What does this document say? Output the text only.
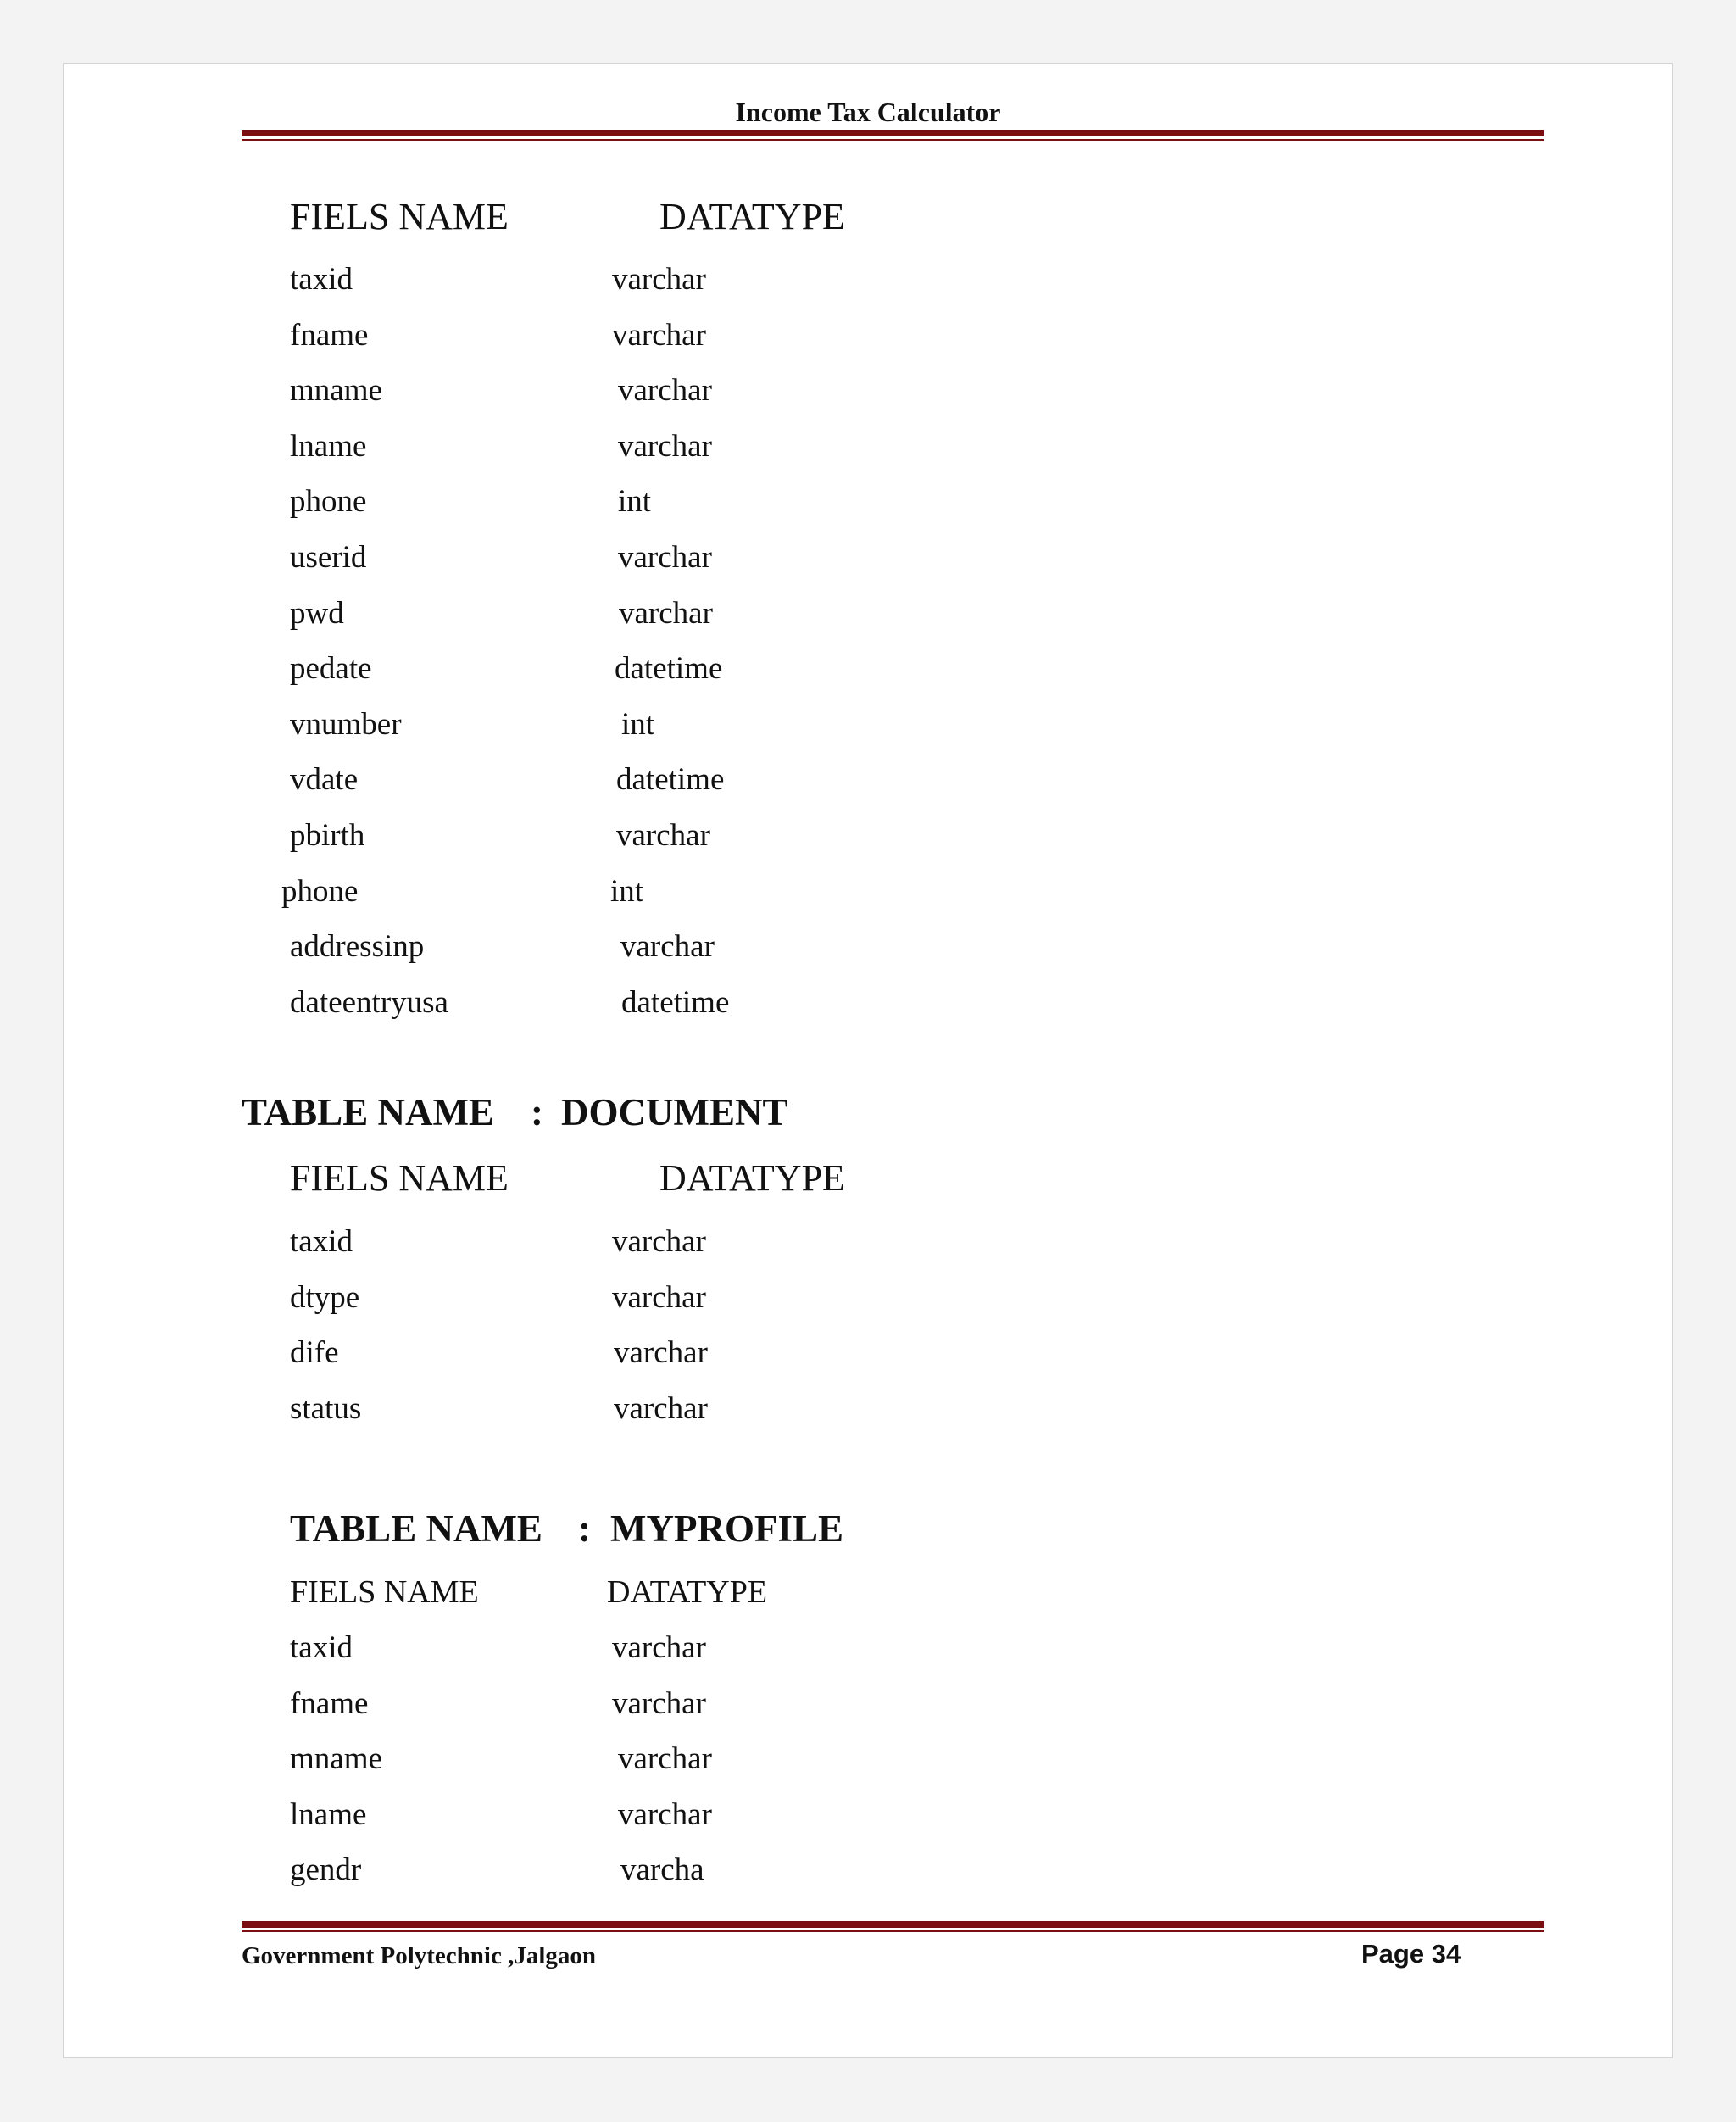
Income Tax Calculator
FIELS NAME	DATATYPE
taxid	varchar
fname	varchar
mname	varchar
lname	varchar
phone	int
userid	varchar
pwd	varchar
pedate	datetime
vnumber	int
vdate	datetime
pbirth	varchar
phone	int
addressinp	varchar
dateentryusa	datetime
TABLE NAME : DOCUMENT
FIELS NAME	DATATYPE
taxid	varchar
dtype	varchar
dife	varchar
status	varchar
TABLE NAME : MYPROFILE
FIELS NAME	DATATYPE
taxid	varchar
fname	varchar
mname	varchar
lname	varchar
gendr	varcha
Government Polytechnic ,Jalgaon	Page 34
